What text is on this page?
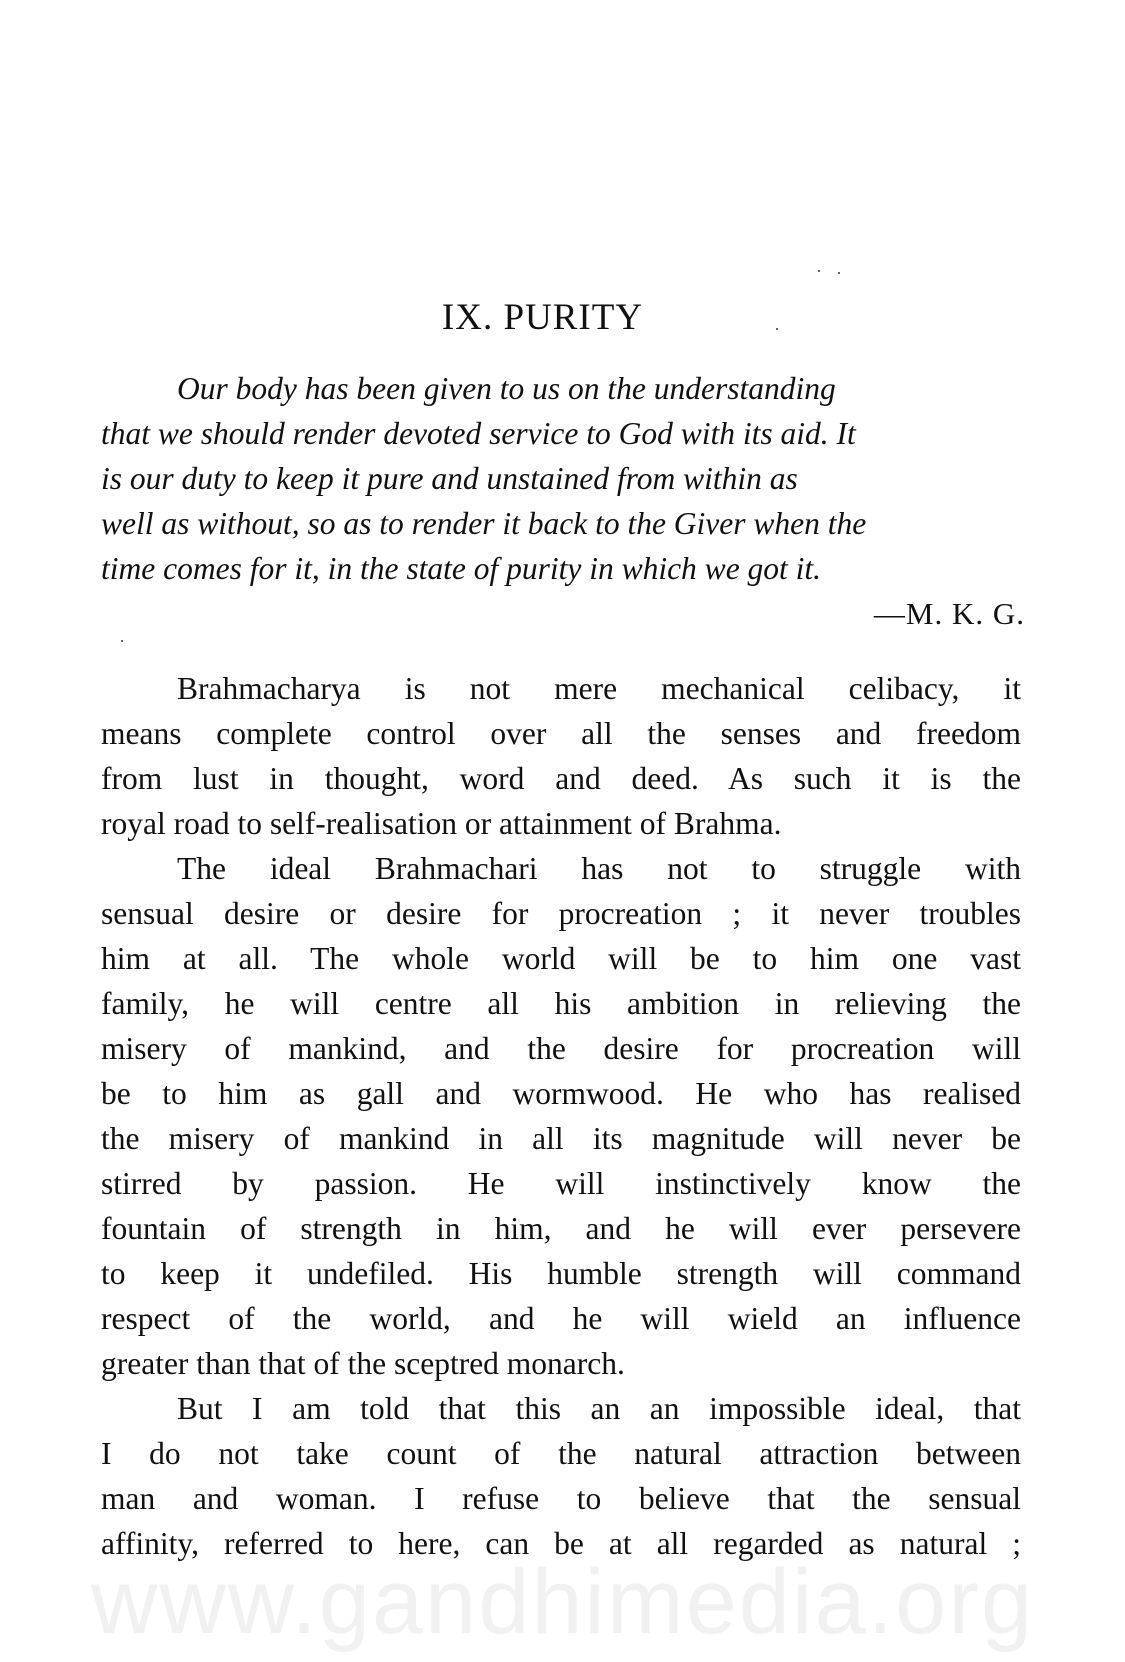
IX. PURITY
Our body has been given to us on the understanding
that we should render devoted service to God with its aid. It
is our duty to keep it pure and unstained from within as
well as without, so as to render it back to the Giver when the
time comes for it, in the state of purity in which we got it.
—M. K. G.

Brahmacharya is not mere mechanical celibacy, it
means complete control over all the senses and freedom
from lust in thought, word and deed. As such it is the
royal road to self-realisation or attainment of Brahma.

The ideal Brahmachari has not to struggle with
sensual desire or desire for procreation ; it never troubles
him at all. The whole world will be to him one vast
family, he will centre all his ambition in relieving the
misery of mankind, and the desire for procreation will
be to him as gall and wormwood. He who has realised
the misery of mankind in all its magnitude will never be
stirred by passion. He will instinctively know the
fountain of strength in him, and he will ever persevere
to keep it undefiled. His humble strength will command
respect of the world, and he will wield an influence
greater than that of the sceptred monarch.

But I am told that this an an impossible ideal, that
I do not take count of the natural attraction between
man and woman. I refuse to believe that the sensual
affinity, referred to here, can be at all regarded as natural ;

www.gandhimedia.org
